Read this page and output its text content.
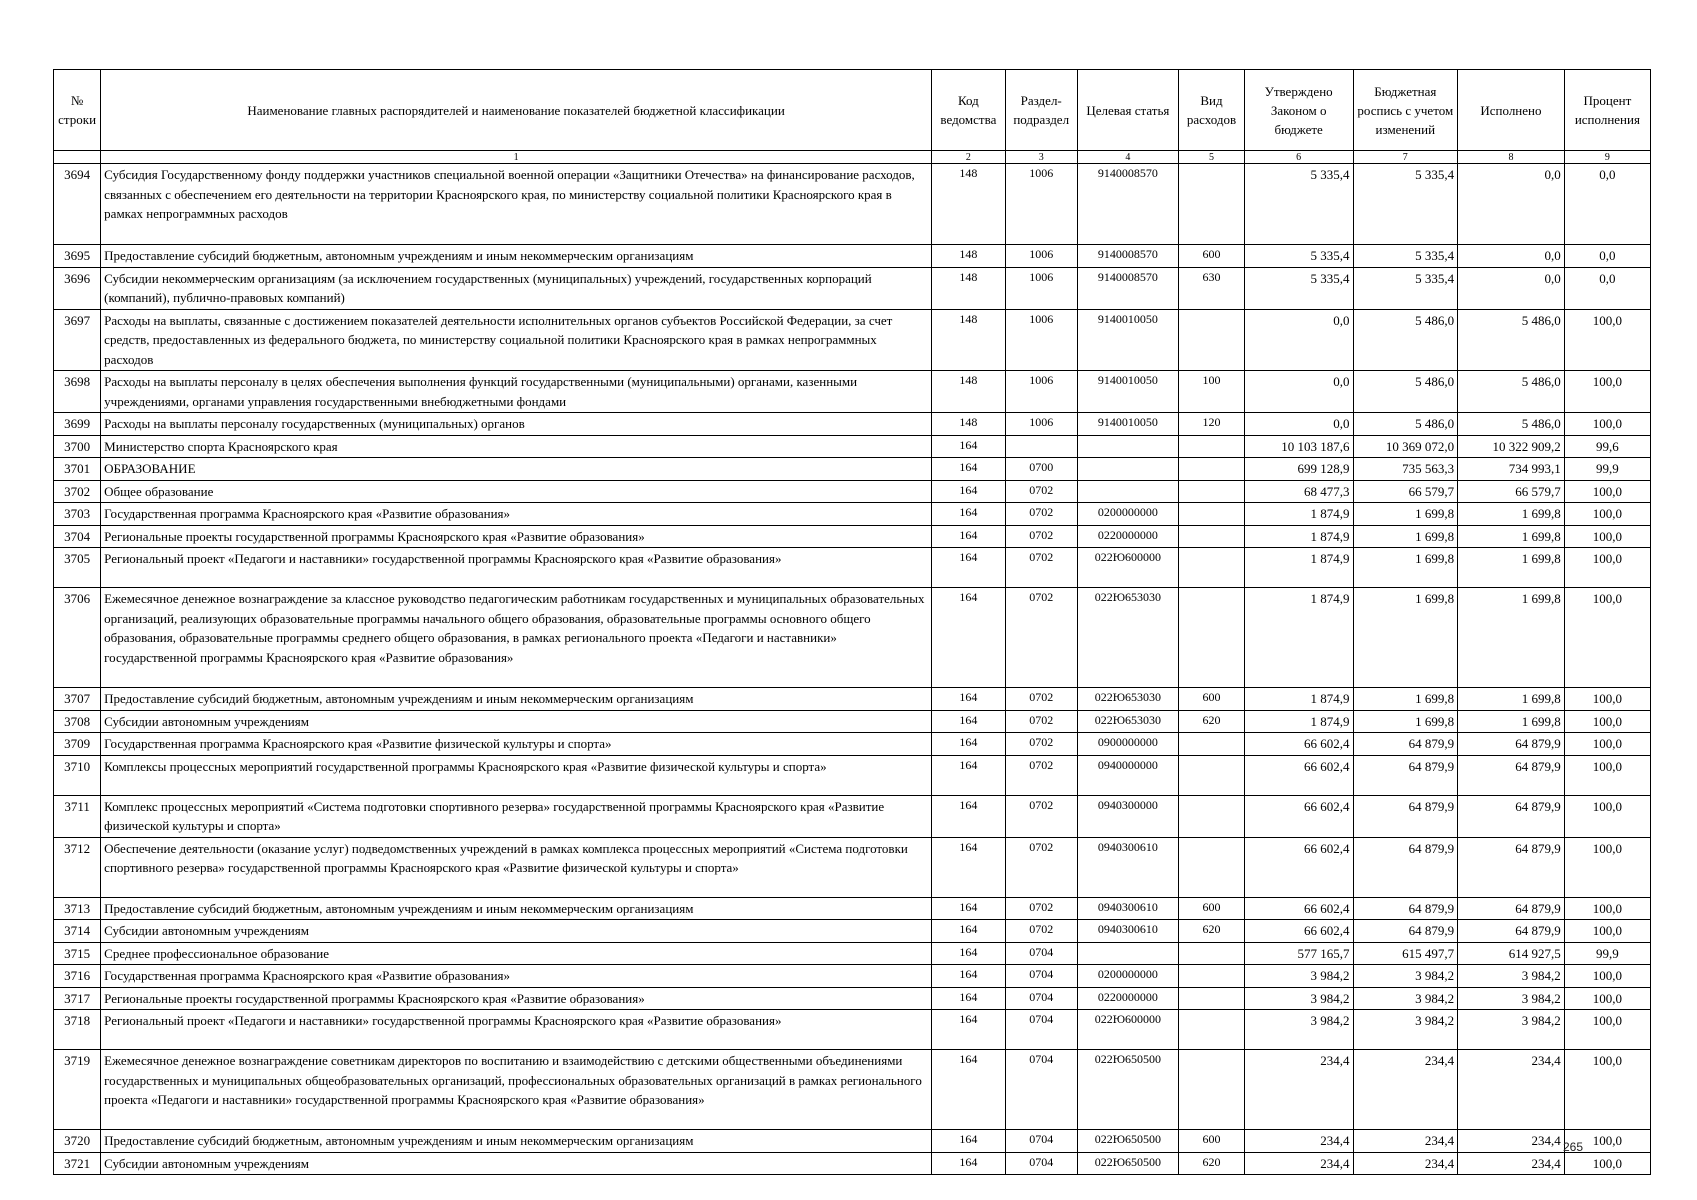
№ строки	Наименование главных распорядителей и наименование показателей бюджетной классификации	Код ведомства	Раздел-подраздел	Целевая статья	Вид расходов	Утверждено Законом о бюджете	Бюджетная роспись с учетом изменений	Исполнено	Процент исполнения
	1	2	3	4	5	6	7	8	9
3694	Субсидия Государственному фонду поддержки участников специальной военной операции «Защитники Отечества» на финансирование расходов, связанных с обеспечением его деятельности на территории Красноярского края, по министерству социальной политики Красноярского края в рамках непрограммных расходов	148	1006	9140008570		5 335,4	5 335,4	0,0	0,0
3695	Предоставление субсидий бюджетным, автономным учреждениям и иным некоммерческим организациям	148	1006	9140008570	600	5 335,4	5 335,4	0,0	0,0
3696	Субсидии некоммерческим организациям (за исключением государственных (муниципальных) учреждений, государственных корпораций (компаний), публично-правовых компаний)	148	1006	9140008570	630	5 335,4	5 335,4	0,0	0,0
3697	Расходы на выплаты, связанные с достижением показателей деятельности исполнительных органов субъектов Российской Федерации, за счет средств, предоставленных из федерального бюджета, по министерству социальной политики Красноярского края в рамках непрограммных расходов	148	1006	9140010050		0,0	5 486,0	5 486,0	100,0
3698	Расходы на выплаты персоналу в целях обеспечения выполнения функций государственными (муниципальными) органами, казенными учреждениями, органами управления государственными внебюджетными фондами	148	1006	9140010050	100	0,0	5 486,0	5 486,0	100,0
3699	Расходы на выплаты персоналу государственных (муниципальных) органов	148	1006	9140010050	120	0,0	5 486,0	5 486,0	100,0
3700	Министерство спорта Красноярского края	164				10 103 187,6	10 369 072,0	10 322 909,2	99,6
3701	ОБРАЗОВАНИЕ	164	0700			699 128,9	735 563,3	734 993,1	99,9
3702	Общее образование	164	0702			68 477,3	66 579,7	66 579,7	100,0
3703	Государственная программа Красноярского края «Развитие образования»	164	0702	0200000000		1 874,9	1 699,8	1 699,8	100,0
3704	Региональные проекты государственной программы Красноярского края «Развитие образования»	164	0702	0220000000		1 874,9	1 699,8	1 699,8	100,0
3705	Региональный проект «Педагоги и наставники» государственной программы Красноярского края «Развитие образования»	164	0702	022Ю600000		1 874,9	1 699,8	1 699,8	100,0
3706	Ежемесячное денежное вознаграждение за классное руководство педагогическим работникам государственных и муниципальных образовательных организаций, реализующих образовательные программы начального общего образования, образовательные программы основного общего образования, образовательные программы среднего общего образования, в рамках регионального проекта «Педагоги и наставники» государственной программы Красноярского края «Развитие образования»	164	0702	022Ю653030		1 874,9	1 699,8	1 699,8	100,0
3707	Предоставление субсидий бюджетным, автономным учреждениям и иным некоммерческим организациям	164	0702	022Ю653030	600	1 874,9	1 699,8	1 699,8	100,0
3708	Субсидии автономным учреждениям	164	0702	022Ю653030	620	1 874,9	1 699,8	1 699,8	100,0
3709	Государственная программа Красноярского края «Развитие физической культуры и спорта»	164	0702	0900000000		66 602,4	64 879,9	64 879,9	100,0
3710	Комплексы процессных мероприятий государственной программы Красноярского края «Развитие физической культуры и спорта»	164	0702	0940000000		66 602,4	64 879,9	64 879,9	100,0
3711	Комплекс процессных мероприятий «Система подготовки спортивного резерва» государственной программы Красноярского края «Развитие физической культуры и спорта»	164	0702	0940300000		66 602,4	64 879,9	64 879,9	100,0
3712	Обеспечение деятельности (оказание услуг) подведомственных учреждений в рамках комплекса процессных мероприятий «Система подготовки спортивного резерва» государственной программы Красноярского края «Развитие физической культуры и спорта»	164	0702	0940300610		66 602,4	64 879,9	64 879,9	100,0
3713	Предоставление субсидий бюджетным, автономным учреждениям и иным некоммерческим организациям	164	0702	0940300610	600	66 602,4	64 879,9	64 879,9	100,0
3714	Субсидии автономным учреждениям	164	0702	0940300610	620	66 602,4	64 879,9	64 879,9	100,0
3715	Среднее профессиональное образование	164	0704			577 165,7	615 497,7	614 927,5	99,9
3716	Государственная программа Красноярского края «Развитие образования»	164	0704	0200000000		3 984,2	3 984,2	3 984,2	100,0
3717	Региональные проекты государственной программы Красноярского края «Развитие образования»	164	0704	0220000000		3 984,2	3 984,2	3 984,2	100,0
3718	Региональный проект «Педагоги и наставники» государственной программы Красноярского края «Развитие образования»	164	0704	022Ю600000		3 984,2	3 984,2	3 984,2	100,0
3719	Ежемесячное денежное вознаграждение советникам директоров по воспитанию и взаимодействию с детскими общественными объединениями государственных и муниципальных общеобразовательных организаций, профессиональных образовательных организаций в рамках регионального проекта «Педагоги и наставники» государственной программы Красноярского края «Развитие образования»	164	0704	022Ю650500		234,4	234,4	234,4	100,0
3720	Предоставление субсидий бюджетным, автономным учреждениям и иным некоммерческим организациям	164	0704	022Ю650500	600	234,4	234,4	234,4	100,0
3721	Субсидии автономным учреждениям	164	0704	022Ю650500	620	234,4	234,4	234,4	100,0
265
